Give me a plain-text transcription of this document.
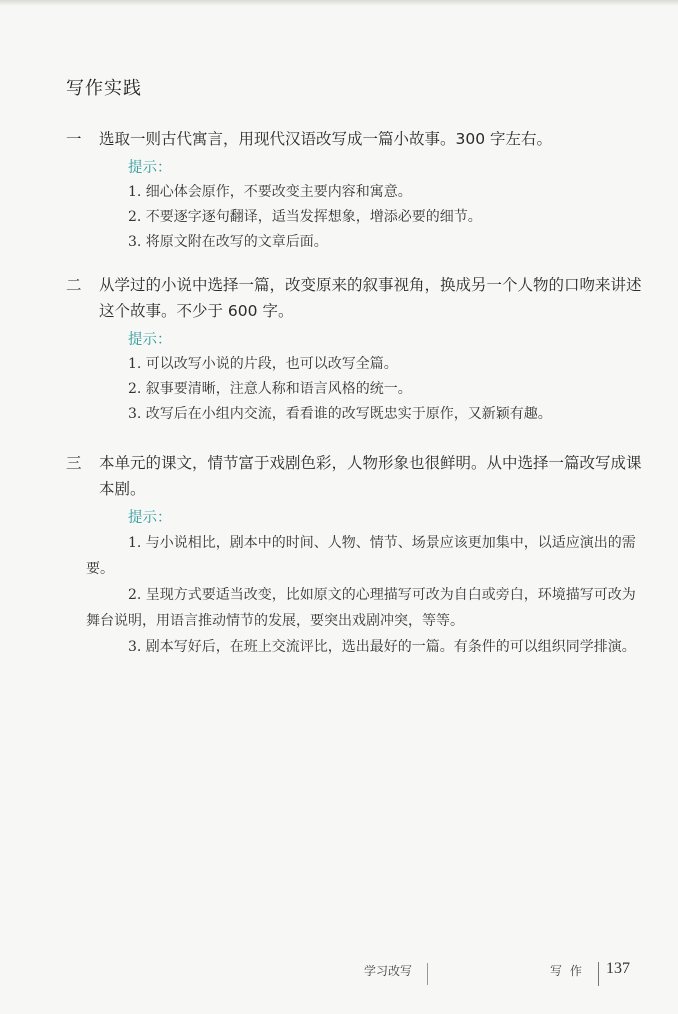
写作实践
一	选取一则古代寓言，用现代汉语改写成一篇小故事。300 字左右。
提示：
1. 细心体会原作，不要改变主要内容和寓意。
2. 不要逐字逐句翻译，适当发挥想象，增添必要的细节。
3. 将原文附在改写的文章后面。
二	从学过的小说中选择一篇，改变原来的叙事视角，换成另一个人物的口吻来讲述这个故事。不少于 600 字。
提示：
1. 可以改写小说的片段，也可以改写全篇。
2. 叙事要清晰，注意人称和语言风格的统一。
3. 改写后在小组内交流，看看谁的改写既忠实于原作，又新颖有趣。
三	本单元的课文，情节富于戏剧色彩，人物形象也很鲜明。从中选择一篇改写成课本剧。
提示：
1. 与小说相比，剧本中的时间、人物、情节、场景应该更加集中，以适应演出的需要。
2. 呈现方式要适当改变，比如原文的心理描写可改为自白或旁白，环境描写可改为舞台说明，用语言推动情节的发展，要突出戏剧冲突，等等。
3. 剧本写好后，在班上交流评比，选出最好的一篇。有条件的可以组织同学排演。
学习改写	写 作 137
